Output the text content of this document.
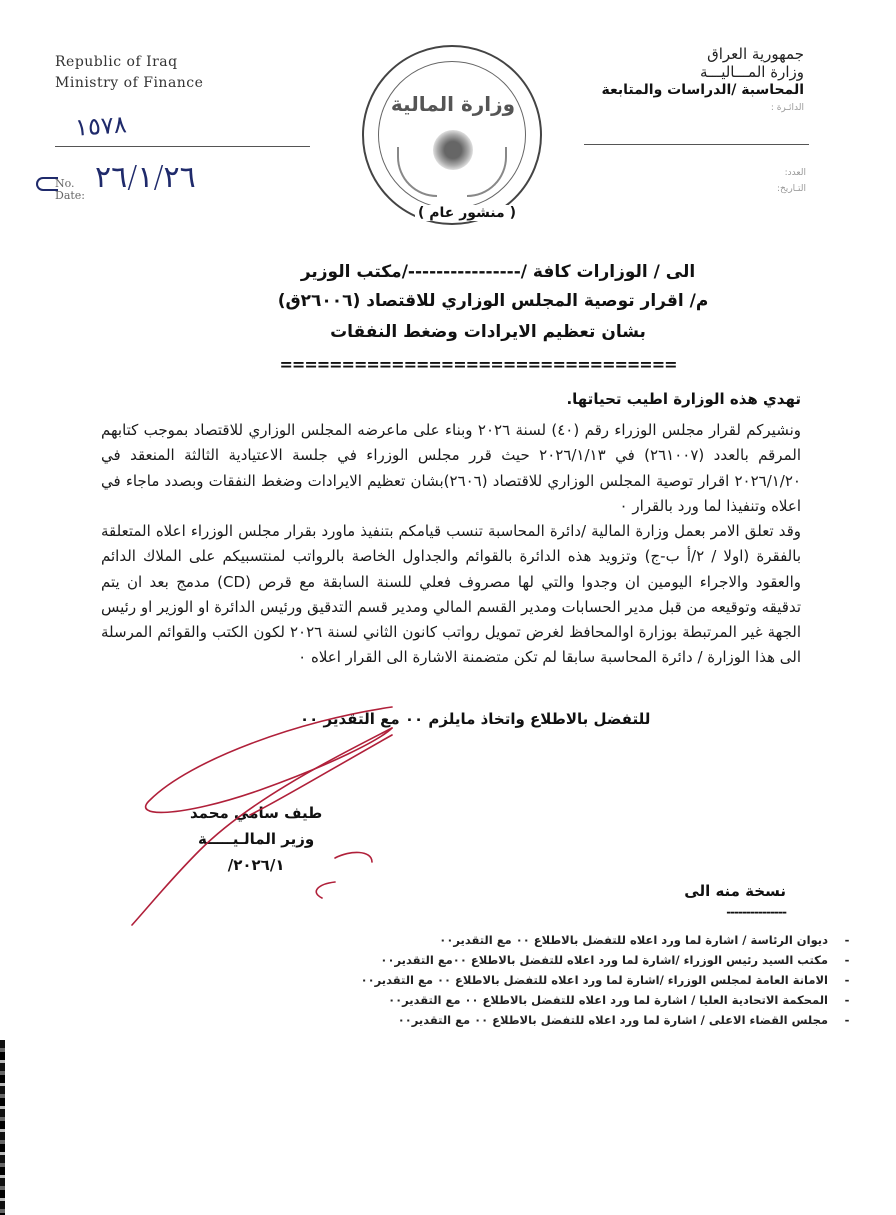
Republic of Iraq
Ministry of Finance
١٥٧٨
No.
Date:
٢٦/١/٢٦
وزارة المالية
( منشور عام )
جمهورية العراق
وزارة المـــاليـــة
المحاسبة /الدراسات والمتابعة
الدائـرة :
العدد:
التـاريخ:
الى / الوزارات كافة /----------------/مكتب الوزير
م/ اقرار توصية المجلس الوزاري للاقتصاد (٢٦٠٠٦ق)
بشان تعظيم الايرادات وضغط النفقات
================================
تهدي هذه الوزارة اطيب تحياتها.
ونشيركم لقرار مجلس الوزراء رقم (٤٠) لسنة ٢٠٢٦ وبناء على ماعرضه المجلس الوزاري للاقتصاد بموجب كتابهم المرقم بالعدد (٢٦١٠٠٧) في ٢٠٢٦/١/١٣ حيث قرر مجلس الوزراء في جلسة الاعتيادية الثالثة المنعقد في ٢٠٢٦/١/٢٠ اقرار توصية المجلس الوزاري للاقتصاد (٢٦٠٦)بشان تعظيم الايرادات وضغط النفقات وبصدد ماجاء في اعلاه وتنفيذا لما ورد بالقرار ٠
وقد تعلق الامر بعمل وزارة المالية /دائرة المحاسبة تنسب قيامكم بتنفيذ ماورد بقرار مجلس الوزراء اعلاه المتعلقة بالفقرة (اولا / ٢/أ ب-ج) وتزويد هذه الدائرة بالقوائم والجداول الخاصة بالرواتب لمنتسبيكم على الملاك الدائم والعقود والاجراء اليومين ان وجدوا والتي لها مصروف فعلي للسنة السابقة مع قرص (CD) مدمج بعد ان يتم تدقيقه وتوقيعه من قبل مدير الحسابات ومدير القسم المالي ومدير قسم التدقيق ورئيس الدائرة او الوزير او رئيس الجهة غير المرتبطة بوزارة اوالمحافظ لغرض تمويل رواتب كانون الثاني لسنة ٢٠٢٦ لكون الكتب والقوائم المرسلة الى هذا الوزارة / دائرة المحاسبة سابقا لم تكن متضمنة الاشارة الى القرار اعلاه ٠
للتفضل بالاطلاع واتخاذ مايلزم ٠٠ مع التقدير ٠٠
طيف سامي محمد
وزير المالـيـــــة
٢٠٢٦/١/
نسخة منه الى
---------------
-
ديوان الرئاسة / اشارة لما ورد اعلاه للتفضل بالاطلاع ٠٠ مع التقدير٠٠
-
مكتب السيد رئيس الوزراء /اشارة لما ورد اعلاه للتفضل بالاطلاع ٠٠مع التقدير٠٠
-
الامانة العامة لمجلس الوزراء /اشارة لما ورد اعلاه للتفضل بالاطلاع ٠٠ مع التقدير٠٠
-
المحكمة الاتحادية العليا / اشارة لما ورد اعلاه للتفضل بالاطلاع ٠٠ مع التقدير٠٠
-
مجلس القضاء الاعلى / اشارة لما ورد اعلاه للتفضل بالاطلاع ٠٠ مع التقدير٠٠
